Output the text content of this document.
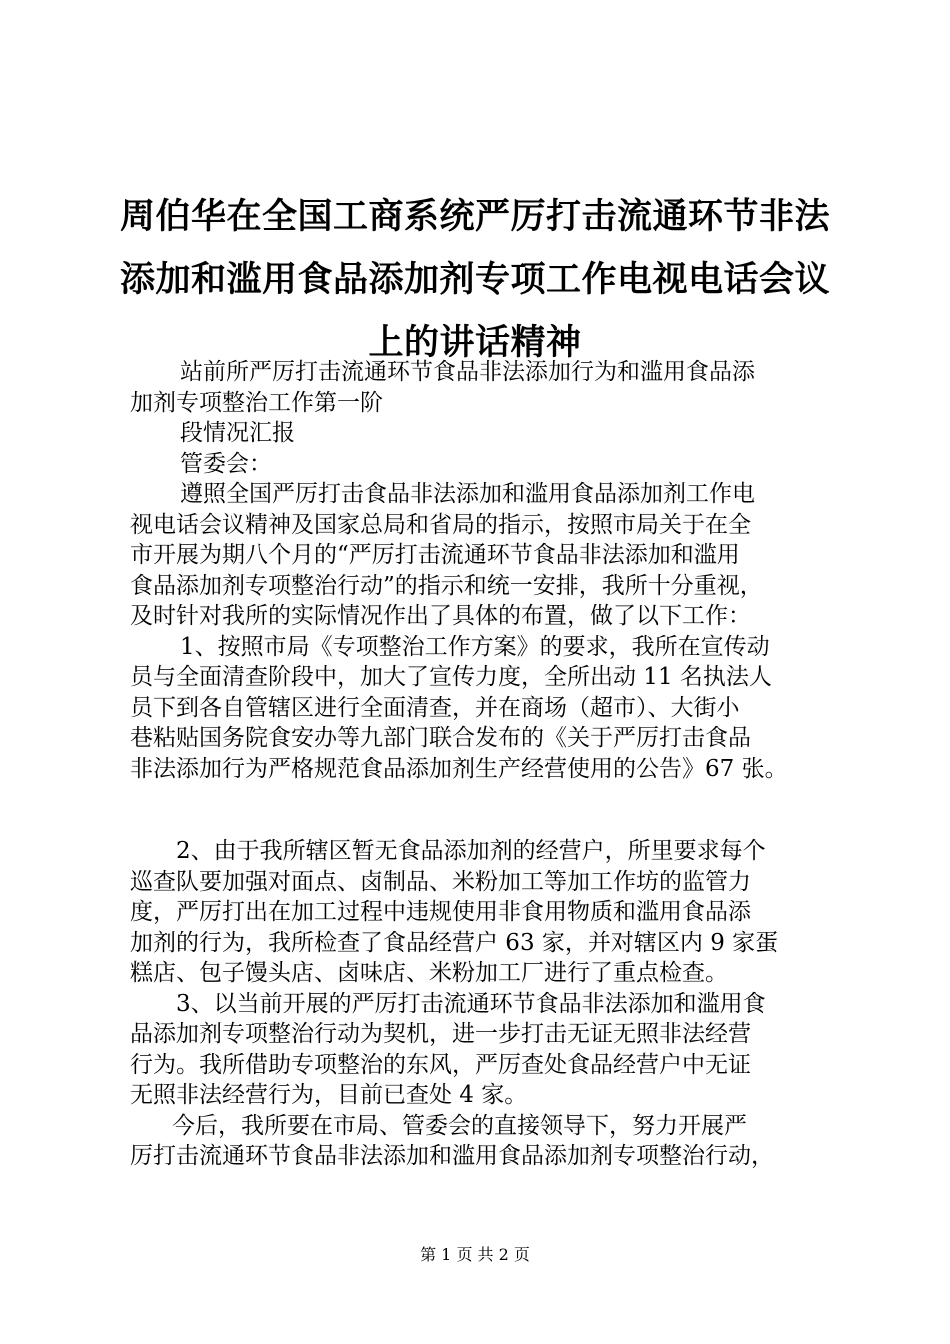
周伯华在全国工商系统严厉打击流通环节非法
添加和滥用食品添加剂专项工作电视电话会议
上的讲话精神

站前所严厉打击流通环节食品非法添加行为和滥用食品添

加剂专项整治工作第一阶

段情况汇报

管委会：

遵照全国严厉打击食品非法添加和滥用食品添加剂工作电

视电话会议精神及国家总局和省局的指示，按照市局关于在全

市开展为期八个月的“严厉打击流通环节食品非法添加和滥用

食品添加剂专项整治行动”的指示和统一安排，我所十分重视，

及时针对我所的实际情况作出了具体的布置，做了以下工作：

1、按照市局《专项整治工作方案》的要求，我所在宣传动

员与全面清查阶段中，加大了宣传力度，全所出动 11 名执法人

员下到各自管辖区进行全面清查，并在商场（超市）、大街小

巷粘贴国务院食安办等九部门联合发布的《关于严厉打击食品

非法添加行为严格规范食品添加剂生产经营使用的公告》67 张。

2、由于我所辖区暂无食品添加剂的经营户，所里要求每个

巡查队要加强对面点、卤制品、米粉加工等加工作坊的监管力

度，严厉打出在加工过程中违规使用非食用物质和滥用食品添

加剂的行为，我所检查了食品经营户 63 家，并对辖区内 9 家蛋

糕店、包子馒头店、卤味店、米粉加工厂进行了重点检查。

3、以当前开展的严厉打击流通环节食品非法添加和滥用食

品添加剂专项整治行动为契机，进一步打击无证无照非法经营

行为。我所借助专项整治的东风，严厉查处食品经营户中无证

无照非法经营行为，目前已查处 4 家。

今后，我所要在市局、管委会的直接领导下，努力开展严

厉打击流通环节食品非法添加和滥用食品添加剂专项整治行动，

第 1 页 共 2 页
